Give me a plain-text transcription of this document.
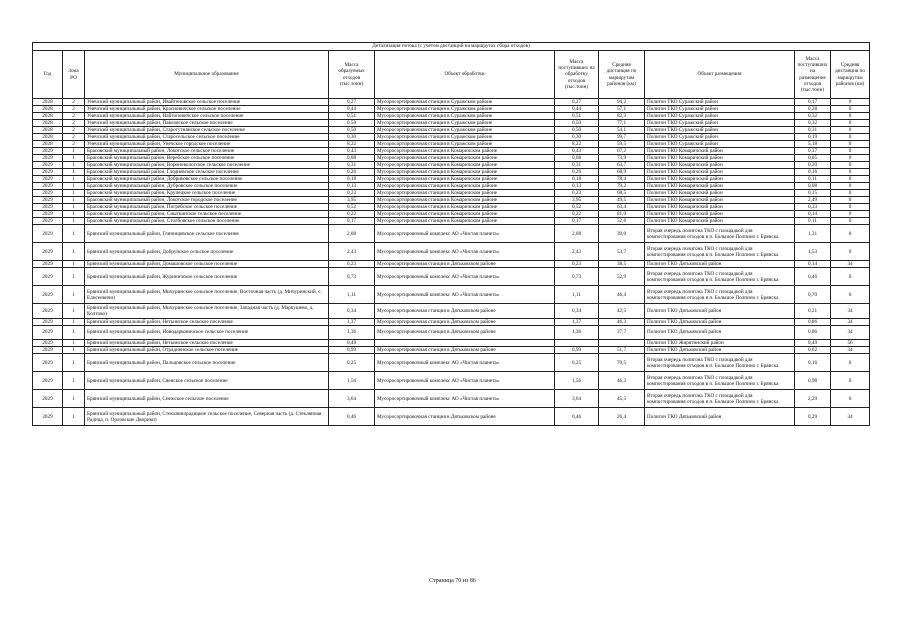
Детализация потока (с учетом дистанций на маршрутах сбора отходов)									
Год	Зона РО	Муниципальное образование	Масса образуемых отходов (тыс.тонн)	Объект обработки	Масса поступивших на обработку отходов (тыс.тонн)	Средняя дистанция по маршрутам районов (км)	Объект размещения	Масса поступивших на размещение отходов (тыс.тонн)	Средняя дистанция по маршрутам районов (км)
2028	2	Унечский муниципальный район, Ивайтеновское сельское поселение	0,27	Мусоросортировочная станция в Суражском районе	0,27	94,2	Полигон ТКО Суражский район	0,17	0
2028	2	Унечский муниципальный район, Красновичское сельское поселение	0,44	Мусоросортировочная станция в Суражском районе	0,44	57,1	Полигон ТКО Суражский район	0,28	0
2028	2	Унечский муниципальный район, Найтоповичское сельское поселение	0,51	Мусоросортировочная станция в Суражском районе	0,51	82,3	Полигон ТКО Суражский район	0,32	0
2028	2	Унечский муниципальный район, Павловское сельское поселение	0,50	Мусоросортировочная станция в Суражском районе	0,50	77,1	Полигон ТКО Суражский район	0,32	0
2028	2	Унечский муниципальный район, Старогутнянское сельское поселение	0,50	Мусоросортировочная станция в Суражском районе	0,50	54,1	Полигон ТКО Суражский район	0,31	0
2028	2	Унечский муниципальный район, Старосельское сельское поселение	0,30	Мусоросортировочная станция в Суражском районе	0,30	99,7	Полигон ТКО Суражский район	0,19	0
2028	2	Унечский муниципальный район, Унечское городское поселение	8,22	Мусоросортировочная станция в Суражском районе	8,22	59,5	Полигон ТКО Суражский район	5,18	0
2029	1	Брасовский муниципальный район, Локотское сельское поселение	0,43	Мусоросортировочная станция в Комаричском районе	0,43	67,2	Полигон ТКО Комаричский район	0,37	0
2029	1	Брасовский муниципальный район, Веребское сельское поселение	0,08	Мусоросортировочная станция в Комаричском районе	0,08	73,9	Полигон ТКО Комаричский район	0,05	0
2029	1	Брасовский муниципальный район, Вороновологское сельское поселение	0,31	Мусоросортировочная станция в Комаричском районе	0,31	63,7	Полигон ТКО Комаричский район	0,20	0
2029	1	Брасовский муниципальный район, Глодневское сельское поселение	0,26	Мусоросортировочная станция в Комаричском районе	0,26	68,9	Полигон ТКО Комаричский район	0,16	0
2029	1	Брасовский муниципальный район, Добриковское сельское поселение	0,18	Мусоросортировочная станция в Комаричском районе	0,18	78,4	Полигон ТКО Комаричский район	0,11	0
2029	1	Брасовский муниципальный район, Дубровское сельское поселение	0,13	Мусоросортировочная станция в Комаричском районе	0,13	79,2	Полигон ТКО Комаричский район	0,08	0
2029	1	Брасовский муниципальный район, Крупецкое сельское поселение	0,23	Мусоросортировочная станция в Комаричском районе	0,23	68,5	Полигон ТКО Комаричский район	0,15	0
2029	1	Брасовский муниципальный район, Локотское городское поселение	3,95	Мусоросортировочная станция в Комаричском районе	3,95	49,5	Полигон ТКО Комаричский район	2,49	0
2029	1	Брасовский муниципальный район, Погребское сельское поселение	0,52	Мусоросортировочная станция в Комаричском районе	0,52	63,4	Полигон ТКО Комаричский район	0,33	0
2029	1	Брасовский муниципальный район, Сныткинское сельское поселение	0,22	Мусоросортировочная станция в Комаричском районе	0,22	81,0	Полигон ТКО Комаричский район	0,14	0
2029	1	Брасовский муниципальный район, Столбовское сельское поселение	0,17	Мусоросортировочная станция в Комаричском районе	0,17	52,6	Полигон ТКО Комаричский район	0,11	0
2029	1	Брянский муниципальный район, Глинищевское сельское поселение	2,08	Мусоросортировочный комплекс АО «Чистая планета»	2,08	39,0	Вторая очередь полигона ТКО с площадкой для компостирования отходов в п. Большое Полпино г. Брянска	1,31	0
2029	1	Брянский муниципальный район, Добрунское сельское поселение	2,43	Мусоросортировочный комплекс АО «Чистая планета»	2,43	53,7	Вторая очередь полигона ТКО с площадкой для компостирования отходов в п. Большое Полпино г. Брянска	1,53	0
2029	1	Брянский муниципальный район, Домашовское сельское поселение	0,23	Мусоросортировочная станция в Дятьковском районе	0,23	38,5	Полигон ТКО Дятьковский район	0,14	34
2029	1	Брянский муниципальный район, Журиничское сельское поселение	0,73	Мусоросортировочный комплекс АО «Чистая планета»	0,73	52,9	Вторая очередь полигона ТКО с площадкой для компостирования отходов в п. Большое Полпино г. Брянска	0,46	0
2029	1	Брянский муниципальный район, Мичуринское сельское поселение, Восточная часть (д. Мичуринский, с. Елисеевичи)	1,11	Мусоросортировочный комплекс АО «Чистая планета»	1,11	46,4	Вторая очередь полигона ТКО с площадкой для компостирования отходов в п. Большое Полпино г. Брянска	0,70	0
2029	1	Брянский муниципальный район, Мичуринское сельское поселение, Западная часть (д. Маркушево, д. Колтово)	0,34	Мусоросортировочная станция в Дятьковском районе	0,34	42,5	Полигон ТКО Дятьковский район	0,21	34
2029	1	Брянский муниципальный район, Нетьинское сельское поселение	1,37	Мусоросортировочная станция в Дятьковском районе	1,37	46,3	Полигон ТКО Дятьковский район	0,86	34
2029	1	Брянский муниципальный район, Новодарковичское сельское поселение	1,36	Мусоросортировочная станция в Дятьковском районе	1,36	37,7	Полигон ТКО Дятьковский район	0,86	34
2029	1	Брянский муниципальный район, Нетьинское сельское поселение	0,49				Полигон ТКО Жирятинский район	0,49	56
2029	1	Брянский муниципальный район, Отрадненское сельское поселение	0,99	Мусоросортировочная станция в Дятьковском районе	0,99	51,7	Полигон ТКО Дятьковский район	0,62	34
2029	1	Брянский муниципальный район, Пальцовское сельское поселение	0,25	Мусоросортировочный комплекс АО «Чистая планета»	0,25	70,5	Вторая очередь полигона ТКО с площадкой для компостирования отходов в п. Большое Полпино г. Брянска	0,16	0
2029	1	Брянский муниципальный район, Свенское сельское поселение	1,56	Мусоросортировочный комплекс АО «Чистая планета»	1,56	46,3	Вторая очередь полигона ТКО с площадкой для компостирования отходов в п. Большое Полпино г. Брянска	0,98	0
2029	1	Брянский муниципальный район, Снежское сельское поселение	3,64	Мусоросортировочный комплекс АО «Чистая планета»	3,64	45,5	Вторая очередь полигона ТКО с площадкой для компостирования отходов в п. Большое Полпино г. Брянска	2,29	0
2029	1	Брянский муниципальный район, Стекляннорадицкое сельское поселение, Северная часть (д. Стеклянная Радица, п. Орловские Дворики)	0,46	Мусоросортировочная станция в Дятьковском районе	0,46	26,4	Полигон ТКО Дятьковский район	0,29	34
Страница 70 из 86
